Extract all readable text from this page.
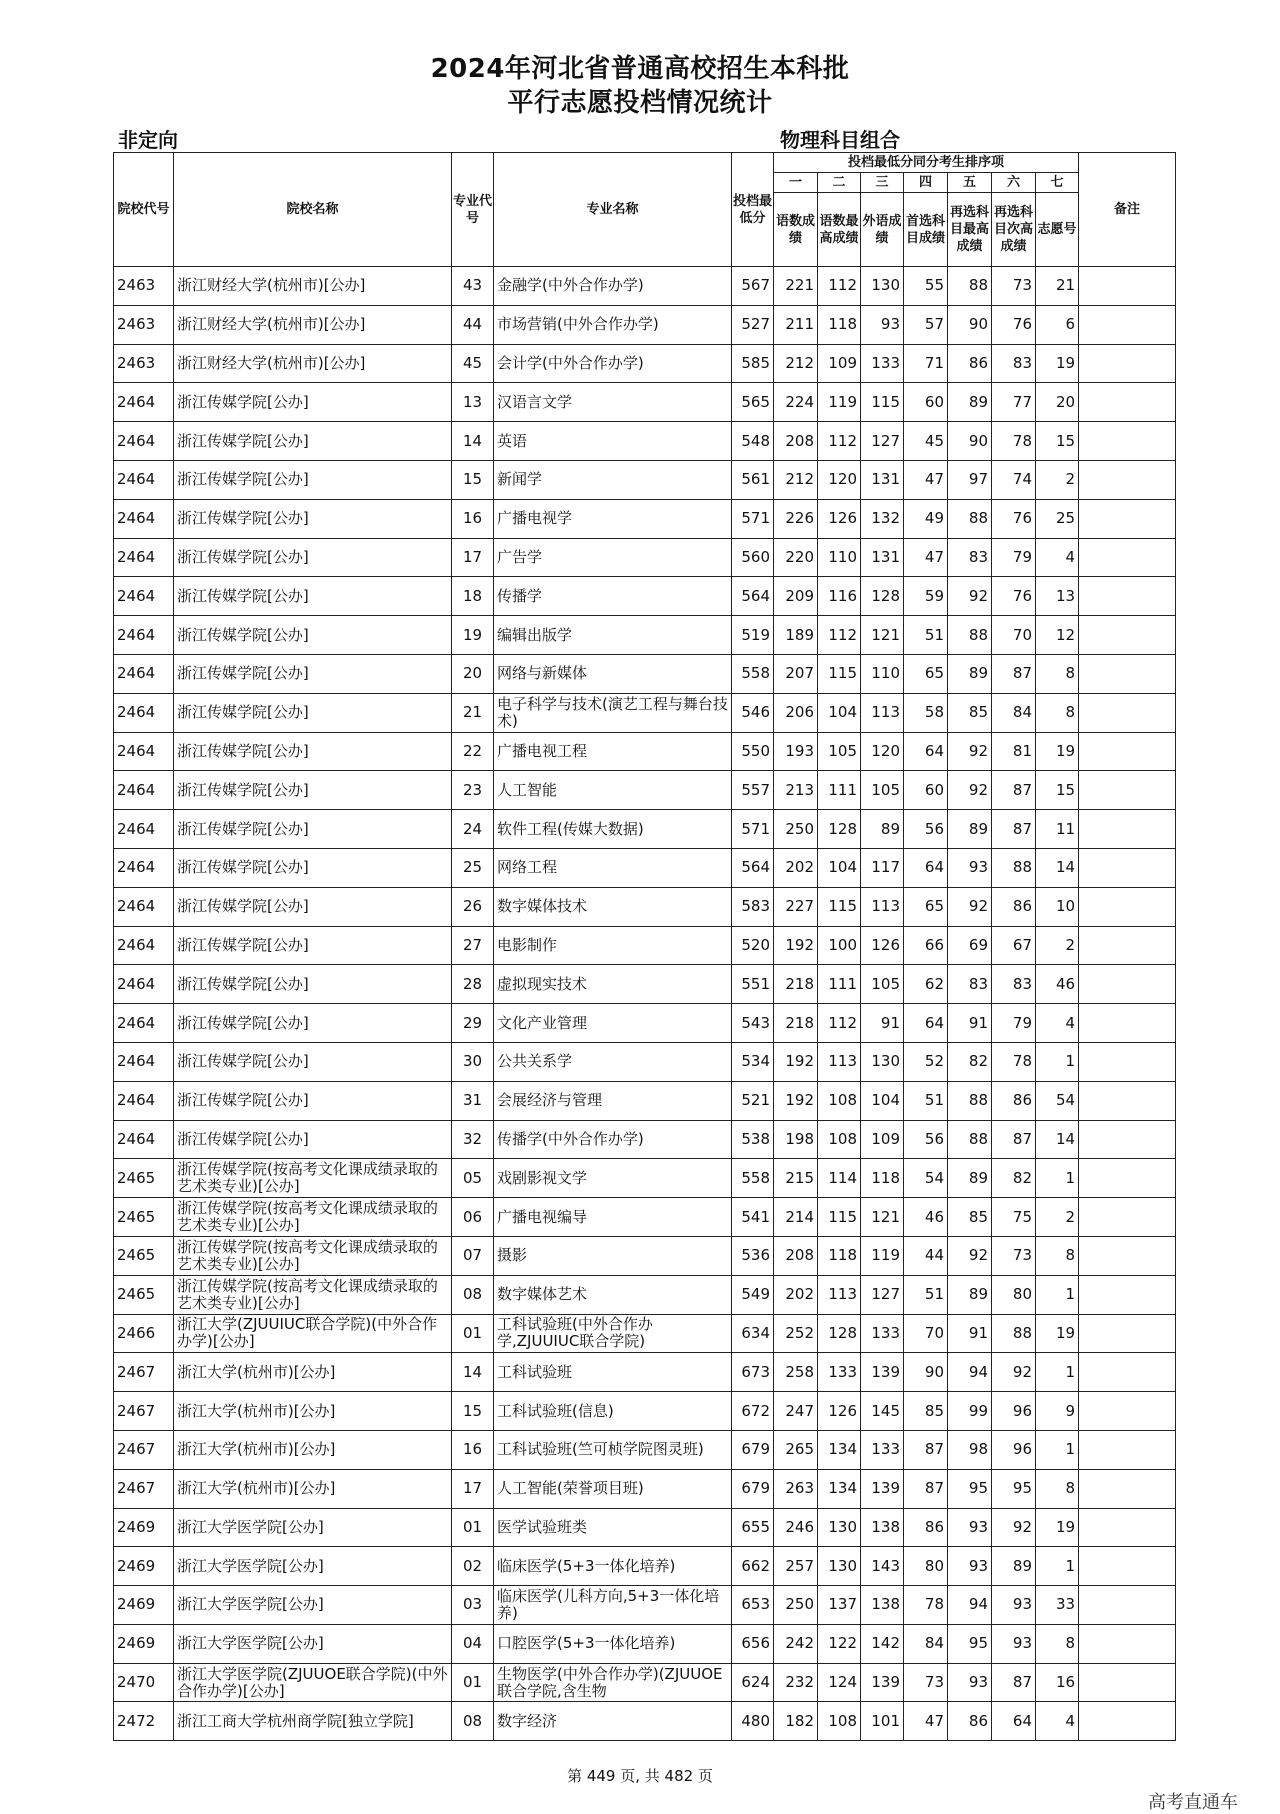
2024年河北省普通高校招生本科批
平行志愿投档情况统计
非定向	物理科目组合
院校代号	院校名称	专业代号	专业名称	投档最低分	投档最低分同分考生排序项							备注
					一	二	三	四	五	六	七	
					语数成绩	语数最高成绩	外语成绩	首选科目成绩	再选科目最高成绩	再选科目次高成绩	志愿号	
2463	浙江财经大学(杭州市)[公办]	43	金融学(中外合作办学)	567	221	112	130	55	88	73	21	
2463	浙江财经大学(杭州市)[公办]	44	市场营销(中外合作办学)	527	211	118	93	57	90	76	6	
2463	浙江财经大学(杭州市)[公办]	45	会计学(中外合作办学)	585	212	109	133	71	86	83	19	
2464	浙江传媒学院[公办]	13	汉语言文学	565	224	119	115	60	89	77	20	
2464	浙江传媒学院[公办]	14	英语	548	208	112	127	45	90	78	15	
2464	浙江传媒学院[公办]	15	新闻学	561	212	120	131	47	97	74	2	
2464	浙江传媒学院[公办]	16	广播电视学	571	226	126	132	49	88	76	25	
2464	浙江传媒学院[公办]	17	广告学	560	220	110	131	47	83	79	4	
2464	浙江传媒学院[公办]	18	传播学	564	209	116	128	59	92	76	13	
2464	浙江传媒学院[公办]	19	编辑出版学	519	189	112	121	51	88	70	12	
2464	浙江传媒学院[公办]	20	网络与新媒体	558	207	115	110	65	89	87	8	
2464	浙江传媒学院[公办]	21	电子科学与技术(演艺工程与舞台技术)	546	206	104	113	58	85	84	8	
2464	浙江传媒学院[公办]	22	广播电视工程	550	193	105	120	64	92	81	19	
2464	浙江传媒学院[公办]	23	人工智能	557	213	111	105	60	92	87	15	
2464	浙江传媒学院[公办]	24	软件工程(传媒大数据)	571	250	128	89	56	89	87	11	
2464	浙江传媒学院[公办]	25	网络工程	564	202	104	117	64	93	88	14	
2464	浙江传媒学院[公办]	26	数字媒体技术	583	227	115	113	65	92	86	10	
2464	浙江传媒学院[公办]	27	电影制作	520	192	100	126	66	69	67	2	
2464	浙江传媒学院[公办]	28	虚拟现实技术	551	218	111	105	62	83	83	46	
2464	浙江传媒学院[公办]	29	文化产业管理	543	218	112	91	64	91	79	4	
2464	浙江传媒学院[公办]	30	公共关系学	534	192	113	130	52	82	78	1	
2464	浙江传媒学院[公办]	31	会展经济与管理	521	192	108	104	51	88	86	54	
2464	浙江传媒学院[公办]	32	传播学(中外合作办学)	538	198	108	109	56	88	87	14	
2465	浙江传媒学院(按高考文化课成绩录取的艺术类专业)[公办]	05	戏剧影视文学	558	215	114	118	54	89	82	1	
2465	浙江传媒学院(按高考文化课成绩录取的艺术类专业)[公办]	06	广播电视编导	541	214	115	121	46	85	75	2	
2465	浙江传媒学院(按高考文化课成绩录取的艺术类专业)[公办]	07	摄影	536	208	118	119	44	92	73	8	
2465	浙江传媒学院(按高考文化课成绩录取的艺术类专业)[公办]	08	数字媒体艺术	549	202	113	127	51	89	80	1	
2466	浙江大学(ZJUUIUC联合学院)(中外合作办学)[公办]	01	工科试验班(中外合作办学,ZJUUIUC联合学院)	634	252	128	133	70	91	88	19	
2467	浙江大学(杭州市)[公办]	14	工科试验班	673	258	133	139	90	94	92	1	
2467	浙江大学(杭州市)[公办]	15	工科试验班(信息)	672	247	126	145	85	99	96	9	
2467	浙江大学(杭州市)[公办]	16	工科试验班(竺可桢学院图灵班)	679	265	134	133	87	98	96	1	
2467	浙江大学(杭州市)[公办]	17	人工智能(荣誉项目班)	679	263	134	139	87	95	95	8	
2469	浙江大学医学院[公办]	01	医学试验班类	655	246	130	138	86	93	92	19	
2469	浙江大学医学院[公办]	02	临床医学(5+3一体化培养)	662	257	130	143	80	93	89	1	
2469	浙江大学医学院[公办]	03	临床医学(儿科方向,5+3一体化培养)	653	250	137	138	78	94	93	33	
2469	浙江大学医学院[公办]	04	口腔医学(5+3一体化培养)	656	242	122	142	84	95	93	8	
2470	浙江大学医学院(ZJUUOE联合学院)(中外合作办学)[公办]	01	生物医学(中外合作办学)(ZJUUOE联合学院,含生物	624	232	124	139	73	93	87	16	
2472	浙江工商大学杭州商学院[独立学院]	08	数字经济	480	182	108	101	47	86	64	4	
第 449 页, 共 482 页
高考直通车
